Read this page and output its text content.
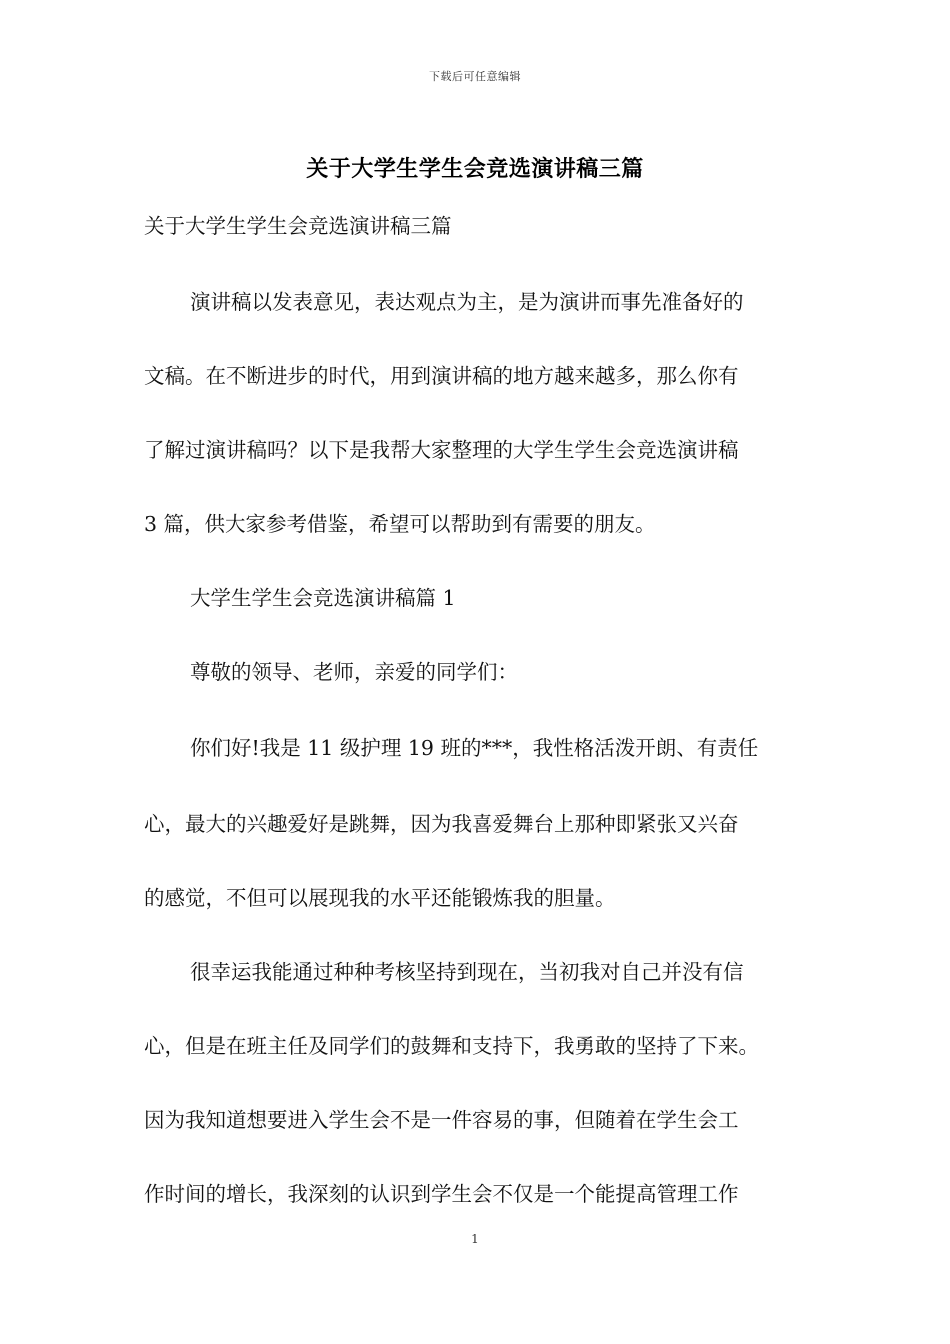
下载后可任意编辑
关于大学生学生会竞选演讲稿三篇
关于大学生学生会竞选演讲稿三篇
演讲稿以发表意见，表达观点为主，是为演讲而事先准备好的
文稿。在不断进步的时代，用到演讲稿的地方越来越多，那么你有
了解过演讲稿吗？以下是我帮大家整理的大学生学生会竞选演讲稿
3 篇，供大家参考借鉴，希望可以帮助到有需要的朋友。
大学生学生会竞选演讲稿篇 1
尊敬的领导、老师，亲爱的同学们：
你们好!我是 11 级护理 19 班的***，我性格活泼开朗、有责任
心，最大的兴趣爱好是跳舞，因为我喜爱舞台上那种即紧张又兴奋
的感觉，不但可以展现我的水平还能锻炼我的胆量。
很幸运我能通过种种考核坚持到现在，当初我对自己并没有信
心，但是在班主任及同学们的鼓舞和支持下，我勇敢的坚持了下来。
因为我知道想要进入学生会不是一件容易的事，但随着在学生会工
作时间的增长，我深刻的认识到学生会不仅是一个能提高管理工作
1
